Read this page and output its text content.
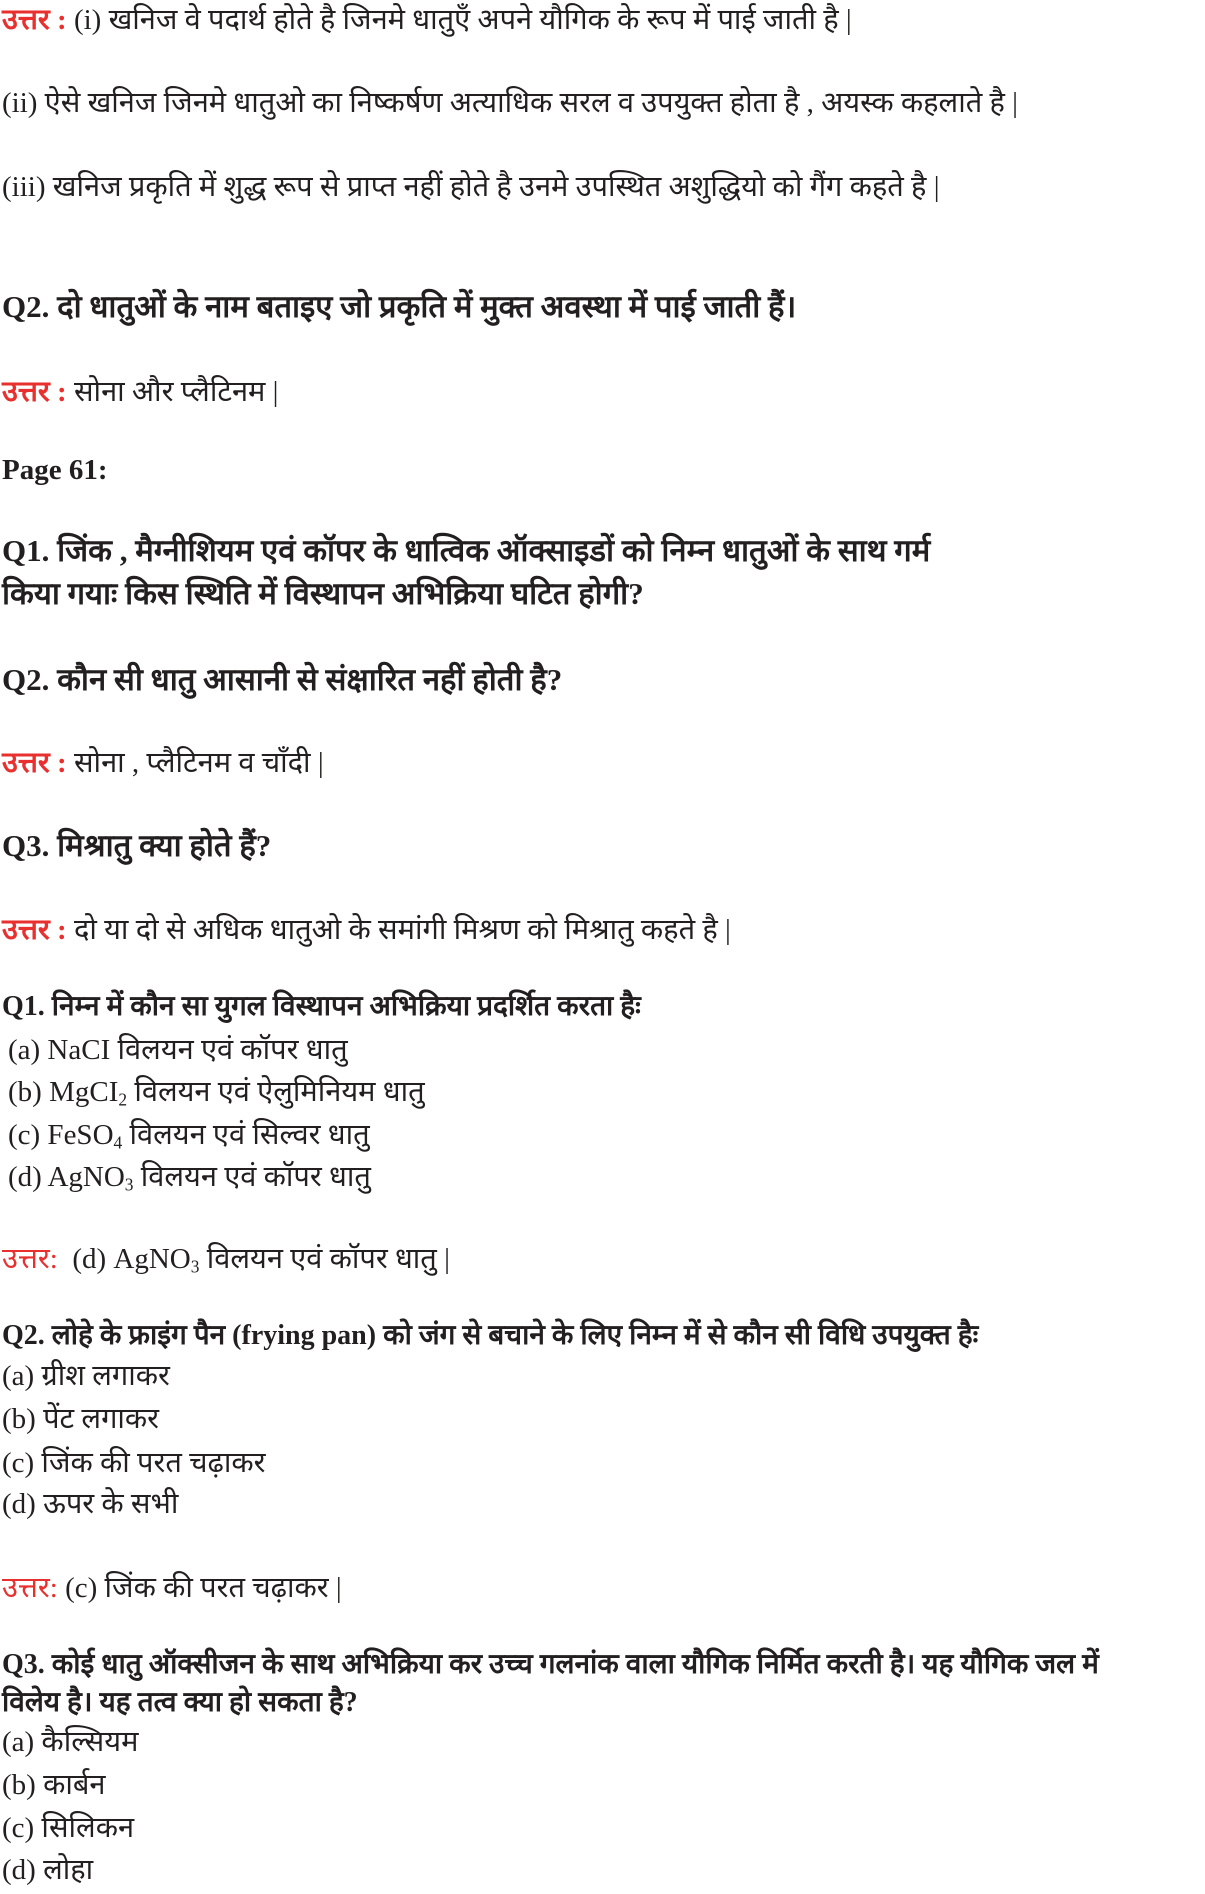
उत्तर : (i) खनिज वे पदार्थ होते है जिनमे धातुएँ अपने यौगिक के रूप में पाई जाती है |
(ii) ऐसे खनिज जिनमे धातुओ का निष्कर्षण अत्याधिक सरल व उपयुक्त होता है , अयस्क कहलाते है |
(iii) खनिज प्रकृति में शुद्ध रूप से प्राप्त नहीं होते है उनमे उपस्थित अशुद्धियो को गैंग कहते है |
Q2. दो धातुओं के नाम बताइए जो प्रकृति में मुक्त अवस्था में पाई जाती हैं।
उत्तर : सोना और प्लैटिनम |
Page 61:
Q1. जिंक , मैग्नीशियम एवं कॉपर के धात्विक ऑक्साइडों को निम्न धातुओं के साथ गर्म
किया गयाः किस स्थिति में विस्थापन अभिक्रिया घटित होगी?
Q2. कौन सी धातु आसानी से संक्षारित नहीं होती है?
उत्तर : सोना , प्लैटिनम व चाँदी |
Q3. मिश्रातु क्या होते हैं?
उत्तर : दो या दो से अधिक धातुओ के समांगी मिश्रण को मिश्रातु कहते है |
Q1. निम्न में कौन सा युगल विस्थापन अभिक्रिया प्रदर्शित करता हैः
(a) NaCI विलयन एवं कॉपर धातु
(b) MgCI$_2$ विलयन एवं ऐलुमिनियम धातु
(c) FeSO$_4$ विलयन एवं सिल्वर धातु
(d) AgNO$_3$ विलयन एवं कॉपर धातु
उत्तर: (d) AgNO$_3$ विलयन एवं कॉपर धातु |
Q2. लोहे के फ्राइंग पैन (frying pan) को जंग से बचाने के लिए निम्न में से कौन सी विधि उपयुक्त हैः
(a) ग्रीश लगाकर
(b) पेंट लगाकर
(c) जिंक की परत चढ़ाकर
(d) ऊपर के सभी
उत्तर: (c) जिंक की परत चढ़ाकर |
Q3. कोई धातु ऑक्सीजन के साथ अभिक्रिया कर उच्च गलनांक वाला यौगिक निर्मित करती है। यह यौगिक जल में
विलेय है। यह तत्व क्या हो सकता है?
(a) कैल्सियम
(b) कार्बन
(c) सिलिकन
(d) लोहा
